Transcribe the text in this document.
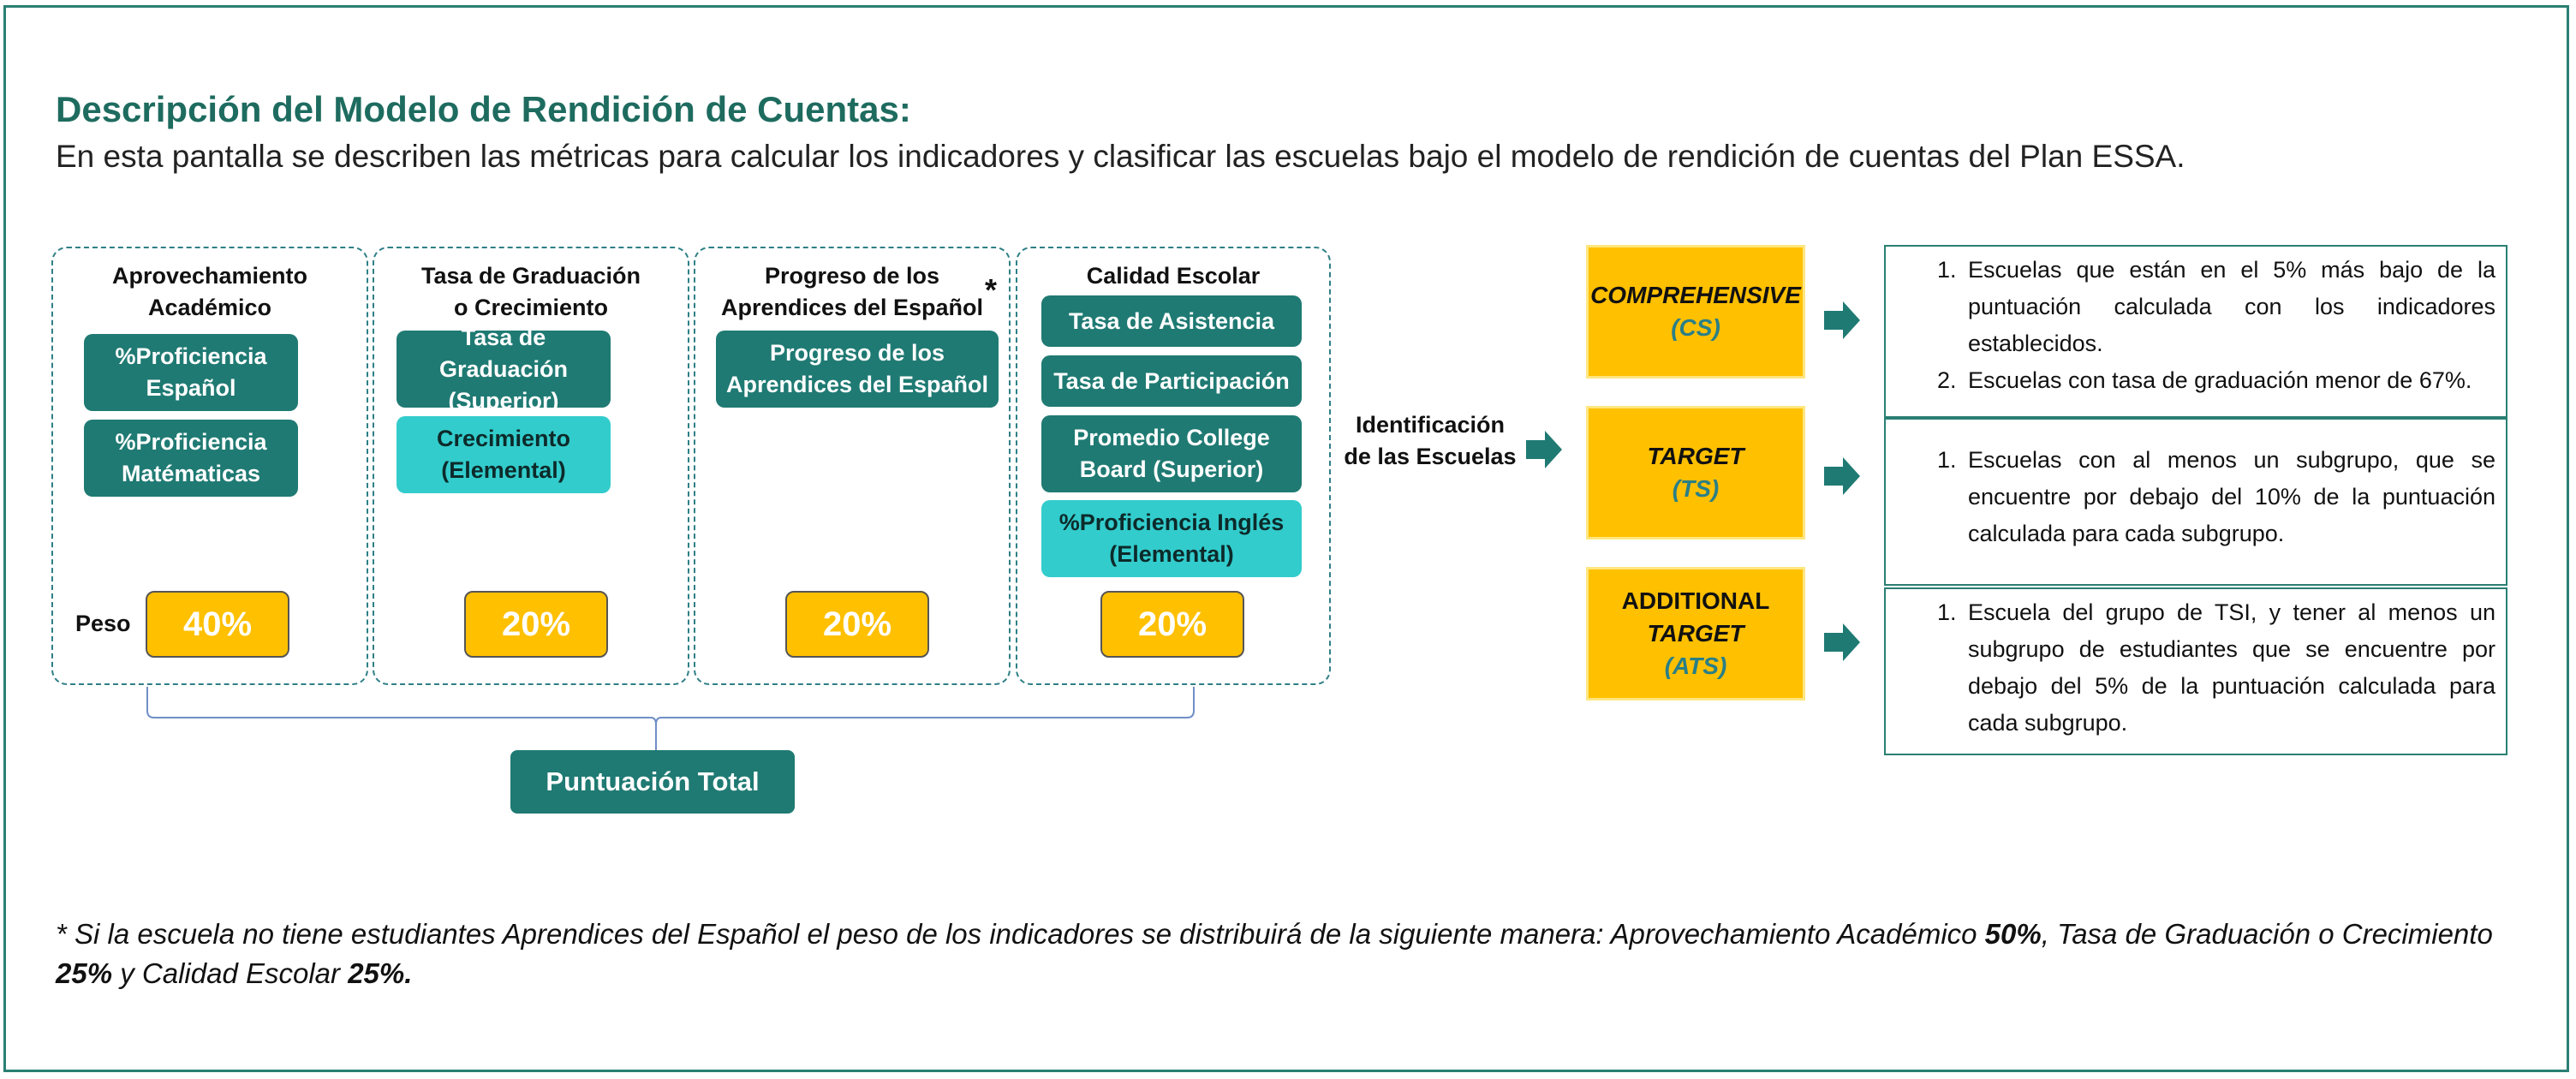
Descripción del Modelo de Rendición de Cuentas:
En esta pantalla se describen las métricas para calcular los indicadores y clasificar las escuelas bajo el modelo de rendición de cuentas del Plan ESSA.
Aprovechamiento
Académico
%Proficiencia
Español
%Proficiencia
Matématicas
Tasa de Graduación
o Crecimiento
Tasa de Graduación
(Superior)
Crecimiento
(Elemental)
Progreso de los
Aprendices del Español
Progreso de los
Aprendices del Español
*	Calidad Escolar
Tasa de Asistencia
Tasa de Participación
Promedio College
Board (Superior)
%Proficiencia Inglés
(Elemental)
Peso	40%	20%	20%	20%
Puntuación Total
Identificación
de las Escuelas
COMPREHENSIVE
(CS)
TARGET
(TS)
ADDITIONAL
TARGET
(ATS)
1. Escuelas que están en el 5% más bajo de la puntuación calculada con los indicadores establecidos.
2. Escuelas con tasa de graduación menor de 67%.
1. Escuelas con al menos un subgrupo, que se encuentre por debajo del 10% de la puntuación calculada para cada subgrupo.
1. Escuela del grupo de TSI, y tener al menos un subgrupo de estudiantes que se encuentre por debajo del 5% de la puntuación calculada para cada subgrupo.
* Si la escuela no tiene estudiantes Aprendices del Español el peso de los indicadores se distribuirá de la siguiente manera: Aprovechamiento Académico 50%, Tasa de Graduación o Crecimiento 25% y Calidad Escolar 25%.
